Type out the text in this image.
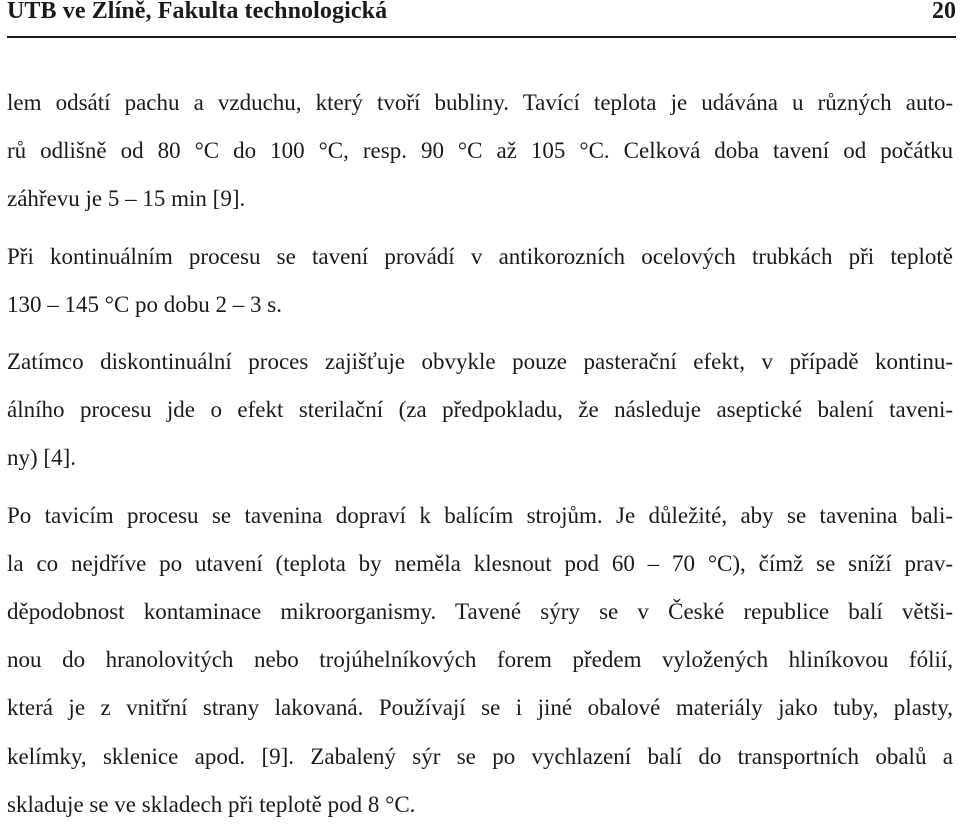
UTB ve Zlíně, Fakulta technologická	20

lem odsátí pachu a vzduchu, který tvoří bubliny. Tavící teplota je udávána u různých auto-
rů odlišně od 80 °C do 100 °C, resp. 90 °C až 105 °C. Celková doba tavení od počátku
záhřevu je 5 – 15 min [9].

Při kontinuálním procesu se tavení provádí v antikorozních ocelových trubkách při teplotě
130 – 145 °C po dobu 2 – 3 s.

Zatímco diskontinuální proces zajišťuje obvykle pouze pasterační efekt, v případě kontinu-
álního procesu jde o efekt sterilační (za předpokladu, že následuje aseptické balení taveni-
ny) [4].

Po tavicím procesu se tavenina dopraví k balícím strojům. Je důležité, aby se tavenina bali-
la co nejdříve po utavení (teplota by neměla klesnout pod 60 – 70 °C), čímž se sníží prav-
děpodobnost kontaminace mikroorganismy. Tavené sýry se v České republice balí větši-
nou do hranolovitých nebo trojúhelníkových forem předem vyložených hliníkovou fólií,
která je z vnitřní strany lakovaná. Používají se i jiné obalové materiály jako tuby, plasty,
kelímky, sklenice apod. [9]. Zabalený sýr se po vychlazení balí do transportních obalů a
skladuje se ve skladech při teplotě pod 8 °C.
